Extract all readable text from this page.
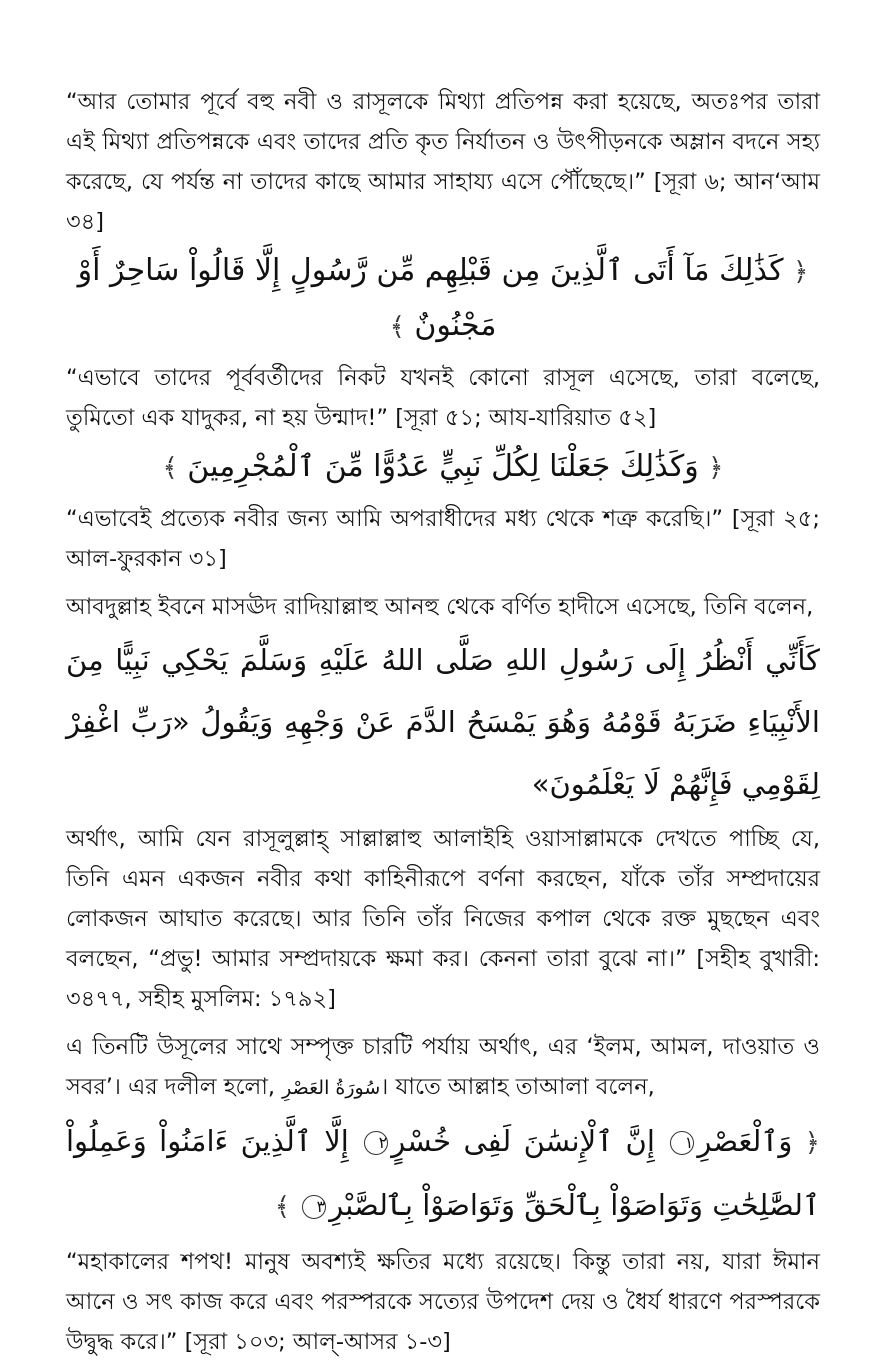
“আর তোমার পূর্বে বহু নবী ও রাসূলকে মিথ্যা প্রতিপন্ন করা হয়েছে, অতঃপর তারা এই মিথ্যা প্রতিপন্নকে এবং তাদের প্রতি কৃত নির্যাতন ও উৎপীড়নকে অম্লান বদনে সহ্য করেছে, যে পর্যন্ত না তাদের কাছে আমার সাহায্য এসে পৌঁছেছে।” [সূরা ৬; আন‘আম ৩৪]

﴿ كَذَٰلِكَ مَآ أَتَى ٱلَّذِينَ مِن قَبْلِهِم مِّن رَّسُولٍ إِلَّا قَالُواْ سَاحِرٌ أَوْ مَجْنُونٌ ﴾

“এভাবে তাদের পূর্ববর্তীদের নিকট যখনই কোনো রাসূল এসেছে, তারা বলেছে, তুমিতো এক যাদুকর, না হয় উন্মাদ!” [সূরা ৫১; আয-যারিয়াত ৫২]

﴿ وَكَذَٰلِكَ جَعَلْنَا لِكُلِّ نَبِيٍّ عَدُوًّا مِّنَ ٱلْمُجْرِمِينَ ﴾

“এভাবেই প্রত্যেক নবীর জন্য আমি অপরাধীদের মধ্য থেকে শত্রু করেছি।” [সূরা ২৫; আল-ফুরকান ৩১]

আবদুল্লাহ ইবনে মাসঊদ রাদিয়াল্লাহু আনহু থেকে বর্ণিত হাদীসে এসেছে, তিনি বলেন,

كَأَنِّي أَنْظُرُ إِلَى رَسُولِ اللهِ صَلَّى اللهُ عَلَيْهِ وَسَلَّمَ يَحْكِي نَبِيًّا مِنَ الأَنْبِيَاءِ ضَرَبَهُ قَوْمُهُ وَهُوَ يَمْسَحُ الدَّمَ عَنْ وَجْهِهِ وَيَقُولُ «رَبِّ اغْفِرْ لِقَوْمِي فَإِنَّهُمْ لَا يَعْلَمُونَ»

অর্থাৎ, আমি যেন রাসূলুল্লাহ্ সাল্লাল্লাহু আলাইহি ওয়াসাল্লামকে দেখতে পাচ্ছি যে, তিনি এমন একজন নবীর কথা কাহিনীরূপে বর্ণনা করছেন, যাঁকে তাঁর সম্প্রদায়ের লোকজন আঘাত করেছে। আর তিনি তাঁর নিজের কপাল থেকে রক্ত মুছছেন এবং বলছেন, “প্রভু! আমার সম্প্রদায়কে ক্ষমা কর। কেননা তারা বুঝে না।” [সহীহ বুখারী: ৩৪৭৭, সহীহ মুসলিম: ১৭৯২]

এ তিনটি উসূলের সাথে সম্পৃক্ত চারটি পর্যায় অর্থাৎ, এর ‘ইলম, আমল, দাওয়াত ও সবর’। এর দলীল হলো, سُورَةُ العَصْرِ। যাতে আল্লাহ তাআলা বলেন,

﴿ وَٱلْعَصْرِ١ إِنَّ ٱلْإِنسَٰنَ لَفِى خُسْرٍ٢ إِلَّا ٱلَّذِينَ ءَامَنُواْ وَعَمِلُواْ ٱلصَّٰلِحَٰتِ وَتَوَاصَوْاْ بِٱلْحَقِّ وَتَوَاصَوْاْ بِٱلصَّبْرِ٣ ﴾

“মহাকালের শপথ! মানুষ অবশ্যই ক্ষতির মধ্যে রয়েছে। কিন্তু তারা নয়, যারা ঈমান আনে ও সৎ কাজ করে এবং পরস্পরকে সত্যের উপদেশ দেয় ও ধৈর্য ধারণে পরস্পরকে উদ্বুদ্ধ করে।” [সূরা ১০৩; আল্-আসর ১-৩]
